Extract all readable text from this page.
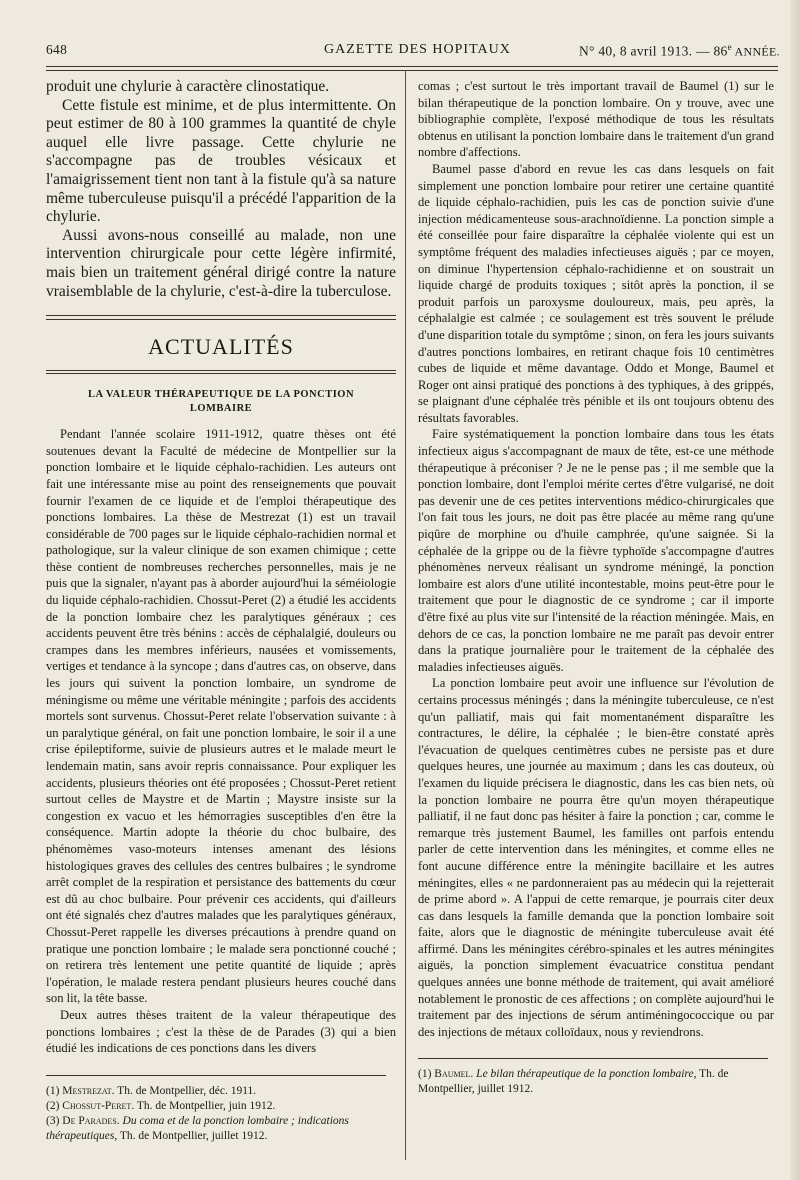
648	GAZETTE DES HOPITAUX	N° 40, 8 avril 1913. — 86e ANNÉE.

produit une chylurie à caractère clinostatique.

Cette fistule est minime, et de plus intermittente. On peut estimer de 80 à 100 grammes la quantité de chyle auquel elle livre passage. Cette chylurie ne s'accompagne pas de troubles vésicaux et l'amaigrissement tient non tant à la fistule qu'à sa nature même tuberculeuse puisqu'il a précédé l'apparition de la chylurie.

Aussi avons-nous conseillé au malade, non une intervention chirurgicale pour cette légère infirmité, mais bien un traitement général dirigé contre la nature vraisemblable de la chylurie, c'est-à-dire la tuberculose.

ACTUALITÉS
LA VALEUR THÉRAPEUTIQUE DE LA PONCTION
LOMBAIRE

Pendant l'année scolaire 1911-1912, quatre thèses ont été soutenues devant la Faculté de médecine de Montpellier sur la ponction lombaire et le liquide céphalo-rachidien. Les auteurs ont fait une intéressante mise au point des renseignements que pouvait fournir l'examen de ce liquide et de l'emploi thérapeutique des ponctions lombaires. La thèse de Mestrezat (1) est un travail considérable de 700 pages sur le liquide céphalo-rachidien normal et pathologique, sur la valeur clinique de son examen chimique ; cette thèse contient de nombreuses recherches personnelles, mais je ne puis que la signaler, n'ayant pas à aborder aujourd'hui la séméiologie du liquide céphalo-rachidien. Chossut-Peret (2) a étudié les accidents de la ponction lombaire chez les paralytiques généraux ; ces accidents peuvent être très bénins : accès de céphalalgié, douleurs ou crampes dans les membres inférieurs, nausées et vomissements, vertiges et tendance à la syncope ; dans d'autres cas, on observe, dans les jours qui suivent la ponction lombaire, un syndrome de méningisme ou même une véritable méningite ; parfois des accidents mortels sont survenus. Chossut-Peret relate l'observation suivante : à un paralytique général, on fait une ponction lombaire, le soir il a une crise épileptiforme, suivie de plusieurs autres et le malade meurt le lendemain matin, sans avoir repris connaissance. Pour expliquer les accidents, plusieurs théories ont été proposées ; Chossut-Peret retient surtout celles de Maystre et de Martin ; Maystre insiste sur la congestion ex vacuo et les hémorragies susceptibles d'en être la conséquence. Martin adopte la théorie du choc bulbaire, des phénomèmes vaso-moteurs intenses amenant des lésions histologiques graves des cellules des centres bulbaires ; le syndrome arrêt complet de la respiration et persistance des battements du cœur est dû au choc bulbaire. Pour prévenir ces accidents, qui d'ailleurs ont été signalés chez d'autres malades que les paralytiques généraux, Chossut-Peret rappelle les diverses précautions à prendre quand on pratique une ponction lombaire ; le malade sera ponctionné couché ; on retirera très lentement une petite quantité de liquide ; après l'opération, le malade restera pendant plusieurs heures couché dans son lit, la tête basse.

Deux autres thèses traitent de la valeur thérapeutique des ponctions lombaires ; c'est la thèse de de Parades (3) qui a bien étudié les indications de ces ponctions dans les divers

(1) Mestrezat. Th. de Montpellier, déc. 1911.

(2) Chossut-Peret. Th. de Montpellier, juin 1912.

(3) De Parades. Du coma et de la ponction lombaire ; indications thérapeutiques, Th. de Montpellier, juillet 1912.

comas ; c'est surtout le très important travail de Baumel (1) sur le bilan thérapeutique de la ponction lombaire. On y trouve, avec une bibliographie complète, l'exposé méthodique de tous les résultats obtenus en utilisant la ponction lombaire dans le traitement d'un grand nombre d'affections.

Baumel passe d'abord en revue les cas dans lesquels on fait simplement une ponction lombaire pour retirer une certaine quantité de liquide céphalo-rachidien, puis les cas de ponction suivie d'une injection médicamenteuse sous-arachnoïdienne. La ponction simple a été conseillée pour faire disparaître la céphalée violente qui est un symptôme fréquent des maladies infectieuses aiguës ; par ce moyen, on diminue l'hypertension céphalo-rachidienne et on soustrait un liquide chargé de produits toxiques ; sitôt après la ponction, il se produit parfois un paroxysme douloureux, mais, peu après, la céphalalgie est calmée ; ce soulagement est très souvent le prélude d'une disparition totale du symptôme ; sinon, on fera les jours suivants d'autres ponctions lombaires, en retirant chaque fois 10 centimètres cubes de liquide et même davantage. Oddo et Monge, Baumel et Roger ont ainsi pratiqué des ponctions à des typhiques, à des grippés, se plaignant d'une céphalée très pénible et ils ont toujours obtenu des résultats favorables.

Faire systématiquement la ponction lombaire dans tous les états infectieux aigus s'accompagnant de maux de tête, est-ce une méthode thérapeutique à préconiser ? Je ne le pense pas ; il me semble que la ponction lombaire, dont l'emploi mérite certes d'être vulgarisé, ne doit pas devenir une de ces petites interventions médico-chirurgicales que l'on fait tous les jours, ne doit pas être placée au même rang qu'une piqûre de morphine ou d'huile camphrée, qu'une saignée. Si la céphalée de la grippe ou de la fièvre typhoïde s'accompagne d'autres phénomènes nerveux réalisant un syndrome méningé, la ponction lombaire est alors d'une utilité incontestable, moins peut-être pour le traitement que pour le diagnostic de ce syndrome ; car il importe d'être fixé au plus vite sur l'intensité de la réaction méningée. Mais, en dehors de ce cas, la ponction lombaire ne me paraît pas devoir entrer dans la pratique journalière pour le traitement de la céphalée des maladies infectieuses aiguës.

La ponction lombaire peut avoir une influence sur l'évolution de certains processus méningés ; dans la méningite tuberculeuse, ce n'est qu'un palliatif, mais qui fait momentanément disparaître les contractures, le délire, la céphalée ; le bien-être constaté après l'évacuation de quelques centimètres cubes ne persiste pas et dure quelques heures, une journée au maximum ; dans les cas douteux, où l'examen du liquide précisera le diagnostic, dans les cas bien nets, où la ponction lombaire ne pourra être qu'un moyen thérapeutique palliatif, il ne faut donc pas hésiter à faire la ponction ; car, comme le remarque très justement Baumel, les familles ont parfois entendu parler de cette intervention dans les méningites, et comme elles ne font aucune différence entre la méningite bacillaire et les autres méningites, elles « ne pardonneraient pas au médecin qui la rejetterait de prime abord ». A l'appui de cette remarque, je pourrais citer deux cas dans lesquels la famille demanda que la ponction lombaire soit faite, alors que le diagnostic de méningite tuberculeuse avait été affirmé. Dans les méningites cérébro-spinales et les autres méningites aiguës, la ponction simplement évacuatrice constitua pendant quelques années une bonne méthode de traitement, qui avait amélioré notablement le pronostic de ces affections ; on complète aujourd'hui le traitement par des injections de sérum antiméningococcique ou par des injections de métaux colloïdaux, nous y reviendrons.

(1) Baumel. Le bilan thérapeutique de la ponction lombaire, Th. de Montpellier, juillet 1912.
